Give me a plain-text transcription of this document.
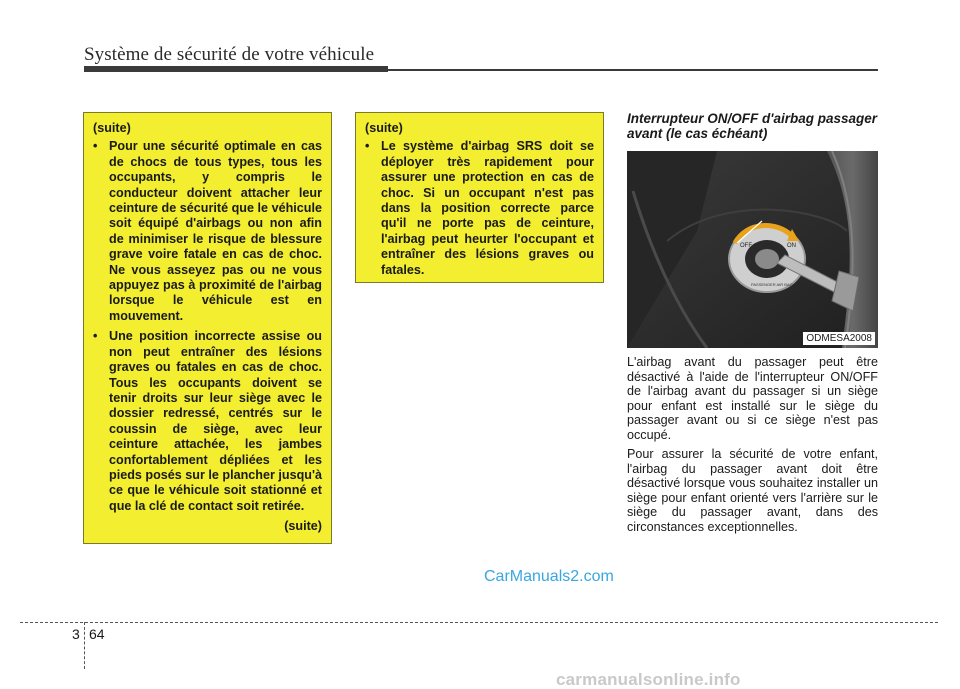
Système de sécurité de votre véhicule
(suite)
• Pour une sécurité optimale en cas de chocs de tous types, tous les occupants, y compris le conducteur doivent attacher leur ceinture de sécurité que le véhicule soit équipé d'airbags ou non afin de minimiser le risque de blessure grave voire fatale en cas de choc. Ne vous asseyez pas ou ne vous appuyez pas à proximité de l'airbag lorsque le véhicule est en mouvement.
• Une position incorrecte assise ou non peut entraîner des lésions graves ou fatales en cas de choc. Tous les occupants doivent se tenir droits sur leur siège avec le dossier redressé, centrés sur le coussin de siège, avec leur ceinture attachée, les jambes confortablement dépliées et les pieds posés sur le plancher jusqu'à ce que le véhicule soit stationné et que la clé de contact soit retirée.
(suite)
(suite)
• Le système d'airbag SRS doit se déployer très rapidement pour assurer une protection en cas de choc. Si un occupant n'est pas dans la position correcte parce qu'il ne porte pas de ceinture, l'airbag peut heurter l'occupant et entraîner des lésions graves ou fatales.
Interrupteur ON/OFF d'airbag passager avant (le cas échéant)
OFF	ON
PASSENGER AIR BAG
ODMESA2008
L'airbag avant du passager peut être désactivé à l'aide de l'interrupteur ON/OFF de l'airbag avant du passager si un siège pour enfant est installé sur le siège du passager avant ou si ce siège n'est pas occupé.
Pour assurer la sécurité de votre enfant, l'airbag du passager avant doit être désactivé lorsque vous souhaitez installer un siège pour enfant orienté vers l'arrière sur le siège du passager avant, dans des circonstances exceptionnelles.
CarManuals2.com
3 64
carmanualsonline.info
